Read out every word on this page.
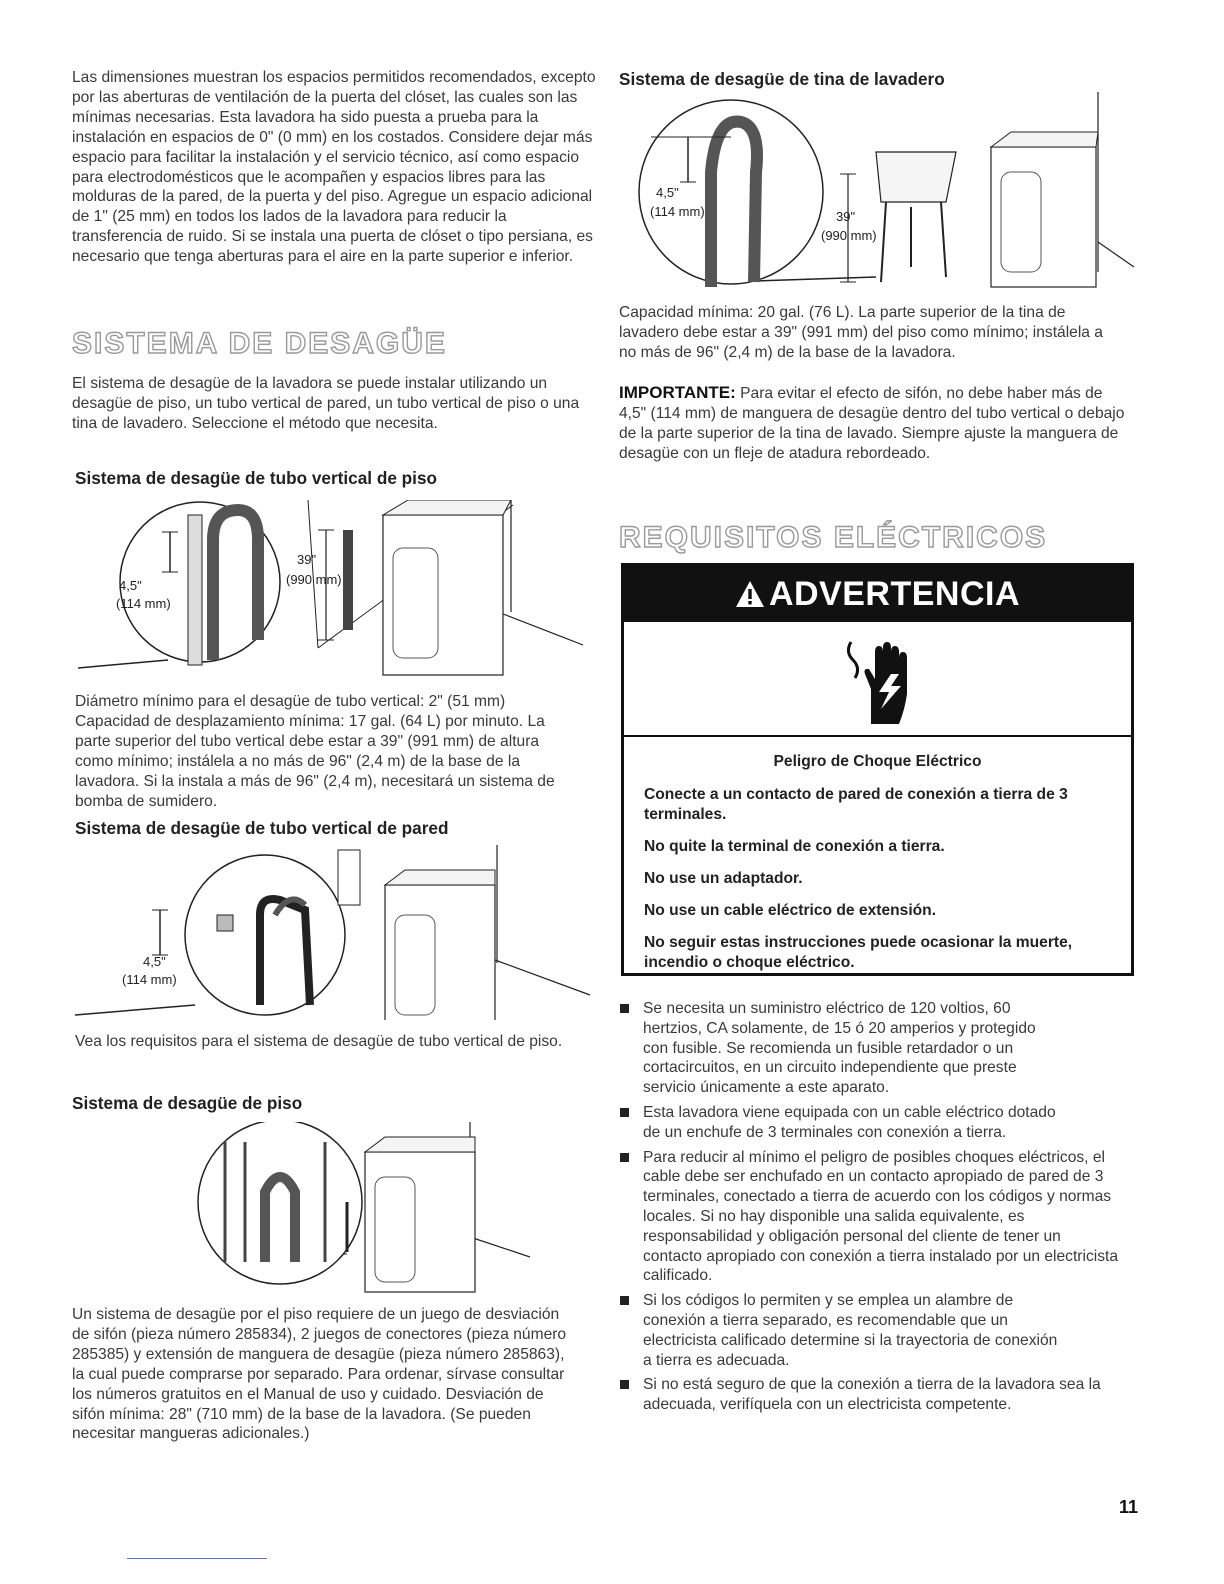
Las dimensiones muestran los espacios permitidos recomendados, excepto por las aberturas de ventilación de la puerta del clóset, las cuales son las mínimas necesarias. Esta lavadora ha sido puesta a prueba para la instalación en espacios de 0" (0 mm) en los costados. Considere dejar más espacio para facilitar la instalación y el servicio técnico, así como espacio para electrodomésticos que le acompañen y espacios libres para las molduras de la pared, de la puerta y del piso. Agregue un espacio adicional de 1" (25 mm) en todos los lados de la lavadora para reducir la transferencia de ruido. Si se instala una puerta de clóset o tipo persiana, es necesario que tenga aberturas para el aire en la parte superior e inferior.

SISTEMA DE DESAGÜE

El sistema de desagüe de la lavadora se puede instalar utilizando un desagüe de piso, un tubo vertical de pared, un tubo vertical de piso o una tina de lavadero. Seleccione el método que necesita.

Sistema de desagüe de tubo vertical de piso
4,5"
(114 mm)
39"
(990 mm)

Diámetro mínimo para el desagüe de tubo vertical: 2" (51 mm) Capacidad de desplazamiento mínima: 17 gal. (64 L) por minuto. La parte superior del tubo vertical debe estar a 39" (991 mm) de altura como mínimo; instálela a no más de 96" (2,4 m) de la base de la lavadora. Si la instala a más de 96" (2,4 m), necesitará un sistema de bomba de sumidero.

Sistema de desagüe de tubo vertical de pared
4,5"
(114 mm)

Vea los requisitos para el sistema de desagüe de tubo vertical de piso.

Sistema de desagüe de piso

Un sistema de desagüe por el piso requiere de un juego de desviación de sifón (pieza número 285834), 2 juegos de conectores (pieza número 285385) y extensión de manguera de desagüe (pieza número 285863), la cual puede comprarse por separado. Para ordenar, sírvase consultar los números gratuitos en el Manual de uso y cuidado. Desviación de sifón mínima: 28" (710 mm) de la base de la lavadora. (Se pueden necesitar mangueras adicionales.)

Sistema de desagüe de tina de lavadero
4,5"
(114 mm)	39"
(990 mm)

Capacidad mínima: 20 gal. (76 L). La parte superior de la tina de lavadero debe estar a 39" (991 mm) del piso como mínimo; instálela a no más de 96" (2,4 m) de la base de la lavadora.

IMPORTANTE: Para evitar el efecto de sifón, no debe haber más de 4,5" (114 mm) de manguera de desagüe dentro del tubo vertical o debajo de la parte superior de la tina de lavado. Siempre ajuste la manguera de desagüe con un fleje de atadura rebordeado.

REQUISITOS ELÉCTRICOS
ADVERTENCIA
Peligro de Choque Eléctrico
Conecte a un contacto de pared de conexión a tierra de 3 terminales.
No quite la terminal de conexión a tierra.
No use un adaptador.
No use un cable eléctrico de extensión.
No seguir estas instrucciones puede ocasionar la muerte, incendio o choque eléctrico.

Se necesita un suministro eléctrico de 120 voltios, 60 hertzios, CA solamente, de 15 ó 20 amperios y protegido con fusible. Se recomienda un fusible retardador o un cortacircuitos, en un circuito independiente que preste servicio únicamente a este aparato.

Esta lavadora viene equipada con un cable eléctrico dotado de un enchufe de 3 terminales con conexión a tierra.

Para reducir al mínimo el peligro de posibles choques eléctricos, el cable debe ser enchufado en un contacto apropiado de pared de 3 terminales, conectado a tierra de acuerdo con los códigos y normas locales. Si no hay disponible una salida equivalente, es responsabilidad y obligación personal del cliente de tener un contacto apropiado con conexión a tierra instalado por un electricista calificado.

Si los códigos lo permiten y se emplea un alambre de conexión a tierra separado, es recomendable que un electricista calificado determine si la trayectoria de conexión a tierra es adecuada.

Si no está seguro de que la conexión a tierra de la lavadora sea la adecuada, verifíquela con un electricista competente.

11
